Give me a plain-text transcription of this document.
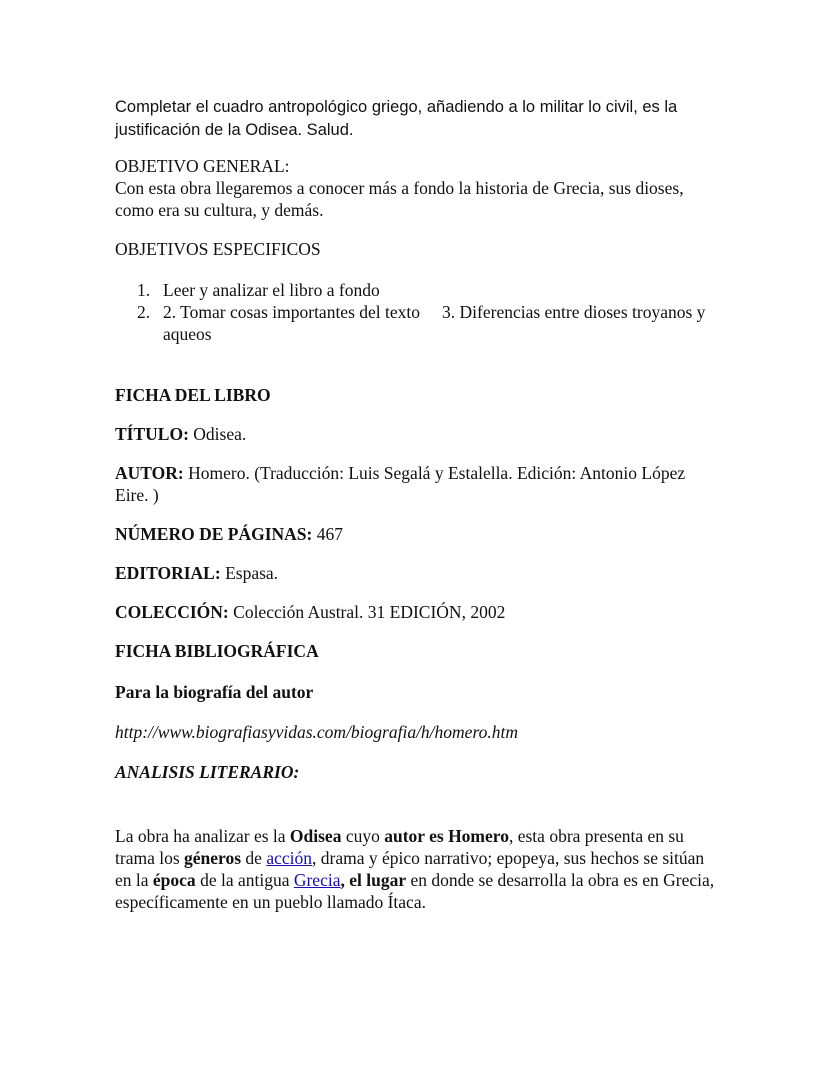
Completar el cuadro antropológico griego, añadiendo a lo militar lo civil, es la justificación de la Odisea. Salud.

OBJETIVO GENERAL:

Con esta obra llegaremos a conocer más a fondo la historia de Grecia, sus dioses, como era su cultura, y demás.

OBJETIVOS ESPECIFICOS

1. Leer y analizar el libro a fondo
2. 2. Tomar cosas importantes del texto 3. Diferencias entre dioses troyanos y aqueos

FICHA DEL LIBRO

TÍTULO: Odisea.

AUTOR: Homero. (Traducción: Luis Segalá y Estalella. Edición: Antonio López Eire. )

NÚMERO DE PÁGINAS: 467

EDITORIAL: Espasa.

COLECCIÓN: Colección Austral. 31 EDICIÓN, 2002

FICHA BIBLIOGRÁFICA

Para la biografía del autor

http://www.biografiasyvidas.com/biografia/h/homero.htm

ANALISIS LITERARIO:

La obra ha analizar es la Odisea cuyo autor es Homero, esta obra presenta en su trama los géneros de acción, drama y épico narrativo; epopeya, sus hechos se sitúan en la época de la antigua Grecia, el lugar en donde se desarrolla la obra es en Grecia, específicamente en un pueblo llamado Ítaca.
